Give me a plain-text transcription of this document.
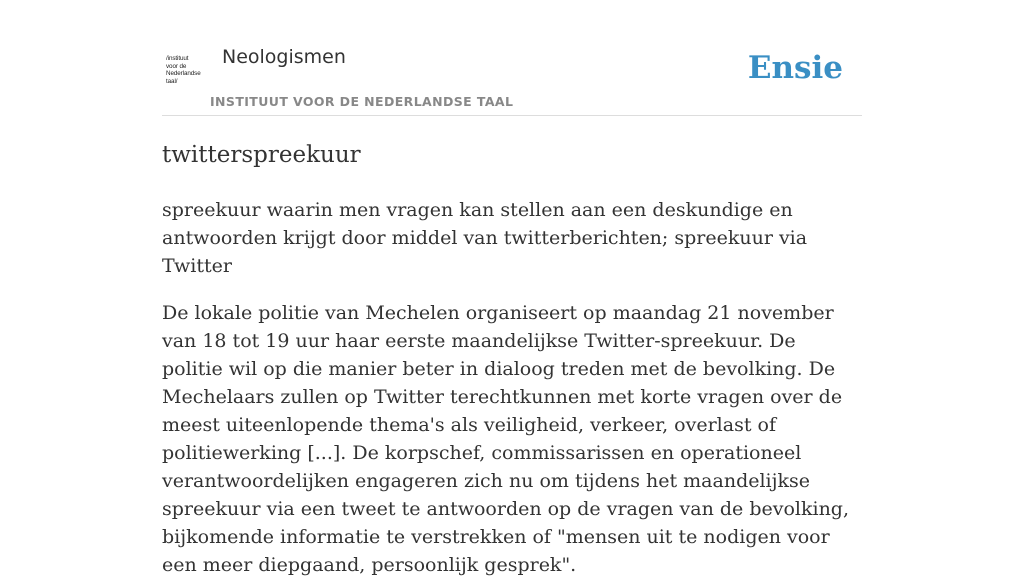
/instituut
voor de
Nederlandse
taal/
Neologismen
INSTITUUT VOOR DE NEDERLANDSE TAAL
Ensie
twitterspreekuur

spreekuur waarin men vragen kan stellen aan een deskundige en antwoorden krijgt door middel van twitterberichten; spreekuur via Twitter

De lokale politie van Mechelen organiseert op maandag 21 november van 18 tot 19 uur haar eerste maandelijkse Twitter-spreekuur. De politie wil op die manier beter in dialoog treden met de bevolking. De Mechelaars zullen op Twitter terechtkunnen met korte vragen over de meest uiteenlopende thema's als veiligheid, verkeer, overlast of politiewerking [...]. De korpschef, commissarissen en operationeel verantwoordelijken engageren zich nu om tijdens het maandelijkse spreekuur via een tweet te antwoorden op de vragen van de bevolking, bijkomende informatie te verstrekken of "mensen uit te nodigen voor een meer diepgaand, persoonlijk gesprek".
